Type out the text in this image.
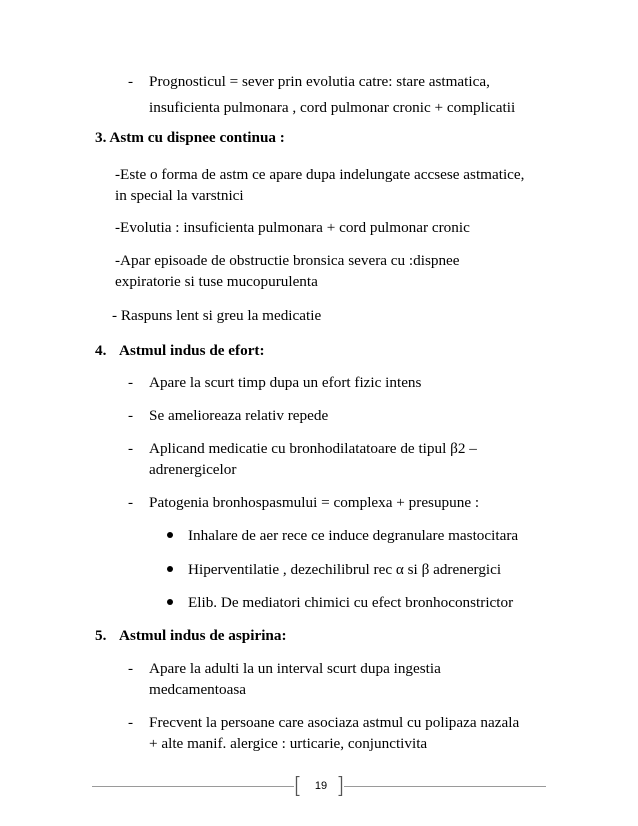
- Prognosticul = sever prin evolutia catre: stare astmatica,
insuficienta pulmonara , cord pulmonar cronic + complicatii
3. Astm cu dispnee continua :
-Este o forma de astm ce apare dupa indelungate accsese astmatice,
in special la varstnici
-Evolutia : insuficienta pulmonara + cord pulmonar cronic
-Apar episoade de obstructie bronsica severa cu :dispnee
expiratorie si tuse mucopurulenta
- Raspuns lent si greu la medicatie
4. Astmul indus de efort:
- Apare la scurt timp dupa un efort fizic intens
- Se amelioreaza relativ repede
- Aplicand medicatie cu bronhodilatatoare de tipul β2 –
adrenergicelor
- Patogenia bronhospasmului = complexa + presupune :
Inhalare de aer rece ce induce degranulare mastocitara
Hiperventilatie , dezechilibrul rec α si β adrenergici
Elib. De mediatori chimici cu efect bronhoconstrictor
5. Astmul indus de aspirina:
- Apare la adulti la un interval scurt dupa ingestia
medcamentoasa
- Frecvent la persoane care asociaza astmul cu polipaza nazala
+ alte manif. alergice : urticarie, conjunctivita
19
